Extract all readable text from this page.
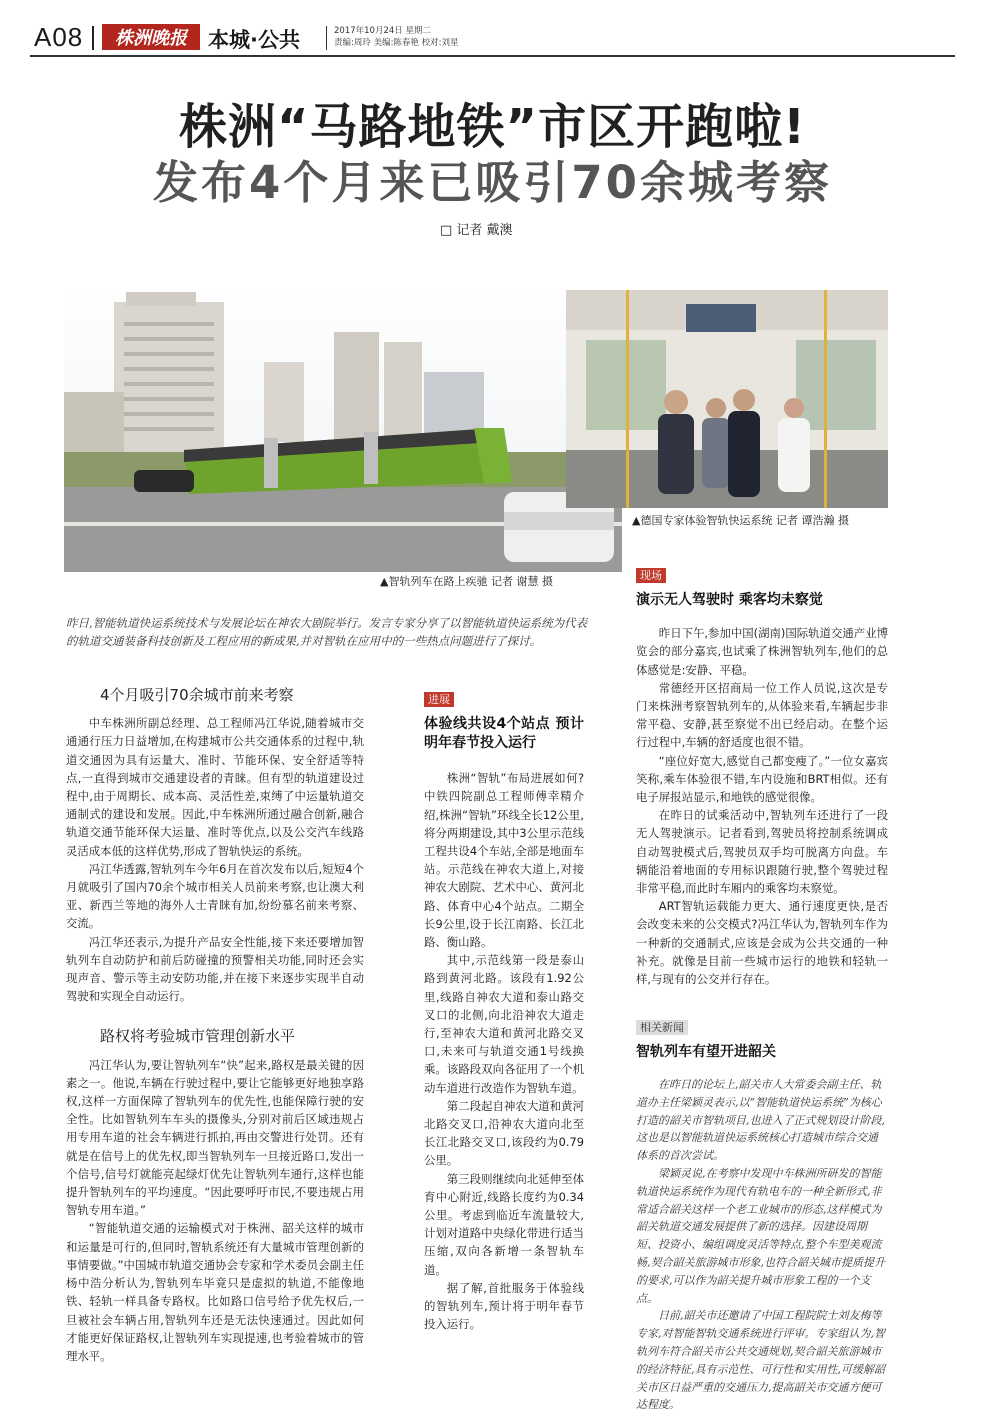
A08	株洲晚报	本城·公共	2017年10月24日 星期二
责编:周玲 美编:陈春艳 校对:刘星
株洲“马路地铁”市区开跑啦!
发布4个月来已吸引70余城考察
□ 记者 戴澳
▲智轨列车在路上疾驰 记者 谢慧 摄
▲德国专家体验智轨快运系统 记者 谭浩瀚 摄
昨日,智能轨道快运系统技术与发展论坛在神农大剧院举行。发言专家分享了以智能轨道快运系统为代表的轨道交通装备科技创新及工程应用的新成果,并对智轨在应用中的一些热点问题进行了探讨。
4个月吸引70余城市前来考察

中车株洲所副总经理、总工程师冯江华说,随着城市交通通行压力日益增加,在构建城市公共交通体系的过程中,轨道交通因为具有运量大、准时、节能环保、安全舒适等特点,一直得到城市交通建设者的青睐。但有型的轨道建设过程中,由于周期长、成本高、灵活性差,束缚了中运量轨道交通制式的建设和发展。因此,中车株洲所通过融合创新,融合轨道交通节能环保大运量、准时等优点,以及公交汽车线路灵活成本低的这样优势,形成了智轨快运的系统。

冯江华透露,智轨列车今年6月在首次发布以后,短短4个月就吸引了国内70余个城市相关人员前来考察,也让澳大利亚、新西兰等地的海外人士青睐有加,纷纷慕名前来考察、交流。

冯江华还表示,为提升产品安全性能,接下来还要增加智轨列车自动防护和前后防碰撞的预警相关功能,同时还会实现声音、警示等主动安防功能,并在接下来逐步实现半自动驾驶和实现全自动运行。

路权将考验城市管理创新水平

冯江华认为,要让智轨列车“快”起来,路权是最关键的因素之一。他说,车辆在行驶过程中,要让它能够更好地独享路权,这样一方面保障了智轨列车的优先性,也能保障行驶的安全性。比如智轨列车车头的摄像头,分别对前后区域违规占用专用车道的社会车辆进行抓拍,再由交警进行处罚。还有就是在信号上的优先权,即当智轨列车一旦接近路口,发出一个信号,信号灯就能亮起绿灯优先让智轨列车通行,这样也能提升智轨列车的平均速度。“因此要呼吁市民,不要违规占用智轨专用车道。”

“智能轨道交通的运输模式对于株洲、韶关这样的城市和运量是可行的,但同时,智轨系统还有大量城市管理创新的事情要做。”中国城市轨道交通协会专家和学术委员会副主任杨中浩分析认为,智轨列车毕竟只是虚拟的轨道,不能像地铁、轻轨一样具备专路权。比如路口信号给予优先权后,一旦被社会车辆占用,智轨列车还是无法快速通过。因此如何才能更好保证路权,让智轨列车实现提速,也考验着城市的管理水平。

进展
体验线共设4个站点 预计明年春节投入运行

株洲“智轨”布局进展如何?中铁四院副总工程师傅幸精介绍,株洲“智轨”环线全长12公里,将分两期建设,其中3公里示范线工程共设4个车站,全部是地面车站。示范线在神农大道上,对接神农大剧院、艺术中心、黄河北路、体育中心4个站点。二期全长9公里,设于长江南路、长江北路、衡山路。

其中,示范线第一段是泰山路到黄河北路。该段有1.92公里,线路自神农大道和泰山路交叉口的北侧,向北沿神农大道走行,至神农大道和黄河北路交叉口,未来可与轨道交通1号线换乘。该路段双向各征用了一个机动车道进行改造作为智轨车道。

第二段起自神农大道和黄河北路交叉口,沿神农大道向北至长江北路交叉口,该段约为0.79公里。

第三段则继续向北延伸至体育中心附近,线路长度约为0.34公里。考虑到临近车流量较大,计划对道路中央绿化带进行适当压缩,双向各新增一条智轨车道。

据了解,首批服务于体验线的智轨列车,预计将于明年春节投入运行。

现场
演示无人驾驶时 乘客均未察觉

昨日下午,参加中国(湖南)国际轨道交通产业博览会的部分嘉宾,也试乘了株洲智轨列车,他们的总体感觉是:安静、平稳。

常德经开区招商局一位工作人员说,这次是专门来株洲考察智轨列车的,从体验来看,车辆起步非常平稳、安静,甚至察觉不出已经启动。在整个运行过程中,车辆的舒适度也很不错。

“座位好宽大,感觉自己都变瘦了。”一位女嘉宾笑称,乘车体验很不错,车内设施和BRT相似。还有电子屏报站显示,和地铁的感觉很像。

在昨日的试乘活动中,智轨列车还进行了一段无人驾驶演示。记者看到,驾驶员将控制系统调成自动驾驶模式后,驾驶员双手均可脱离方向盘。车辆能沿着地面的专用标识跟随行驶,整个驾驶过程非常平稳,而此时车厢内的乘客均未察觉。

ART智轨运载能力更大、通行速度更快,是否会改变未来的公交模式?冯江华认为,智轨列车作为一种新的交通制式,应该是会成为公共交通的一种补充。就像是目前一些城市运行的地铁和轻轨一样,与现有的公交并行存在。

相关新闻
智轨列车有望开进韶关

在昨日的论坛上,韶关市人大常委会副主任、轨道办主任梁颖灵表示,以“智能轨道快运系统”为核心打造的韶关市智轨项目,也进入了正式规划设计阶段,这也是以智能轨道快运系统核心打造城市综合交通体系的首次尝试。

梁颖灵说,在考察中发现中车株洲所研发的智能轨道快运系统作为现代有轨电车的一种全新形式,非常适合韶关这样一个老工业城市的形态,这样模式为韶关轨道交通发展提供了新的选择。因建设周期短、投资小、编组调度灵活等特点,整个车型美观流畅,契合韶关旅游城市形象,也符合韶关城市提质提升的要求,可以作为韶关提升城市形象工程的一个支点。

日前,韶关市还邀请了中国工程院院士刘友梅等专家,对智能智轨交通系统进行评审。专家组认为,智轨列车符合韶关市公共交通规划,契合韶关旅游城市的经济特征,具有示范性、可行性和实用性,可缓解韶关市区日益严重的交通压力,提高韶关市交通方便可达程度。
